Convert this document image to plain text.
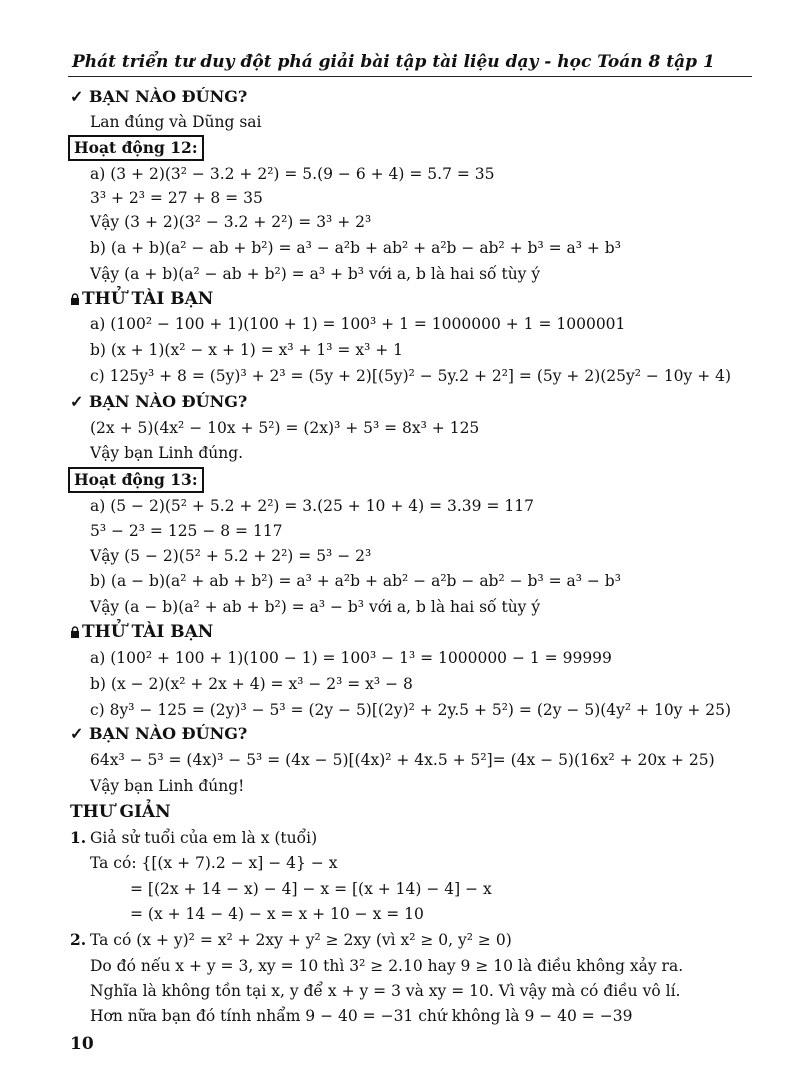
Phát triển tư duy đột phá giải bài tập tài liệu dạy - học Toán 8 tập 1
✓ BẠN NÀO ĐÚNG?
Lan đúng và Dũng sai
Hoạt động 12:
a) (3 + 2)(3² − 3.2 + 2²) = 5.(9 − 6 + 4) = 5.7 = 35
3³ + 2³ = 27 + 8 = 35
Vậy (3 + 2)(3² − 3.2 + 2²) = 3³ + 2³
b) (a + b)(a² − ab + b²) = a³ − a²b + ab² + a²b − ab² + b³ = a³ + b³
Vậy (a + b)(a² − ab + b²) = a³ + b³ với a, b là hai số tùy ý
THỬ TÀI BẠN
a) (100² − 100 + 1)(100 + 1) = 100³ + 1 = 1000000 + 1 = 1000001
b) (x + 1)(x² − x + 1) = x³ + 1³ = x³ + 1
c) 125y³ + 8 = (5y)³ + 2³ = (5y + 2)[(5y)² − 5y.2 + 2²] = (5y + 2)(25y² − 10y + 4)
✓ BẠN NÀO ĐÚNG?
(2x + 5)(4x² − 10x + 5²) = (2x)³ + 5³ = 8x³ + 125
Vậy bạn Linh đúng.
Hoạt động 13:
a) (5 − 2)(5² + 5.2 + 2²) = 3.(25 + 10 + 4) = 3.39 = 117
5³ − 2³ = 125 − 8 = 117
Vậy (5 − 2)(5² + 5.2 + 2²) = 5³ − 2³
b) (a − b)(a² + ab + b²) = a³ + a²b + ab² − a²b − ab² − b³ = a³ − b³
Vậy (a − b)(a² + ab + b²) = a³ − b³ với a, b là hai số tùy ý
THỬ TÀI BẠN
a) (100² + 100 + 1)(100 − 1) = 100³ − 1³ = 1000000 − 1 = 99999
b) (x − 2)(x² + 2x + 4) = x³ − 2³ = x³ − 8
c) 8y³ − 125 = (2y)³ − 5³ = (2y − 5)[(2y)² + 2y.5 + 5²) = (2y − 5)(4y² + 10y + 25)
✓ BẠN NÀO ĐÚNG?
64x³ − 5³ = (4x)³ − 5³ = (4x − 5)[(4x)² + 4x.5 + 5²]= (4x − 5)(16x² + 20x + 25)
Vậy bạn Linh đúng!
THƯ GIẢN
1. Giả sử tuổi của em là x (tuổi)
Ta có: {[(x + 7).2 − x] − 4} − x
= [(2x + 14 − x) − 4] − x = [(x + 14) − 4] − x
= (x + 14 − 4) − x = x + 10 − x = 10
2. Ta có (x + y)² = x² + 2xy + y² ≥ 2xy (vì x² ≥ 0, y² ≥ 0)
Do đó nếu x + y = 3, xy = 10 thì 3² ≥ 2.10 hay 9 ≥ 10 là điều không xảy ra.
Nghĩa là không tồn tại x, y để x + y = 3 và xy = 10. Vì vậy mà có điều vô lí.
Hơn nữa bạn đó tính nhẩm 9 − 40 = −31 chứ không là 9 − 40 = −39
10
